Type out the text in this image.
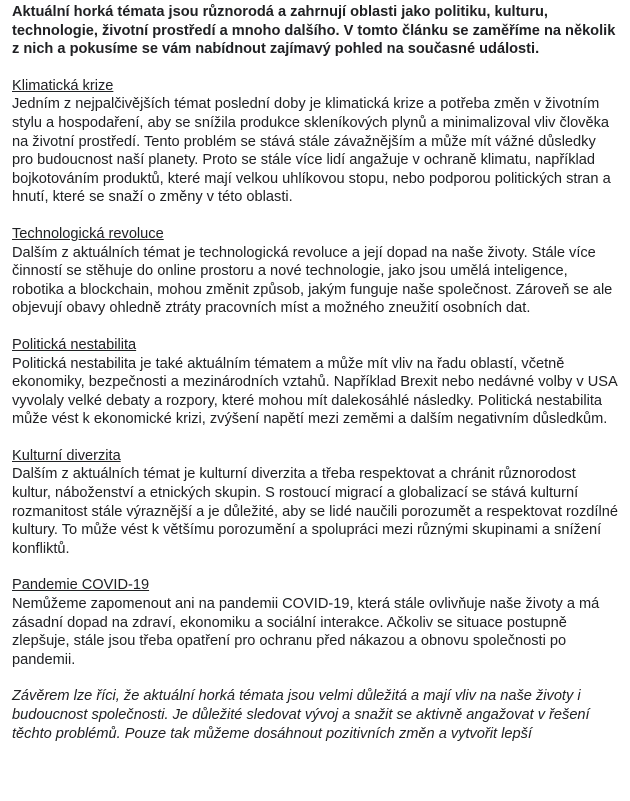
Aktuální horká témata jsou různorodá a zahrnují oblasti jako politiku, kulturu, technologie, životní prostředí a mnoho dalšího. V tomto článku se zaměříme na několik z nich a pokusíme se vám nabídnout zajímavý pohled na současné události.

Klimatická krize

Jedním z nejpalčivějších témat poslední doby je klimatická krize a potřeba změn v životním stylu a hospodaření, aby se snížila produkce skleníkových plynů a minimalizoval vliv člověka na životní prostředí. Tento problém se stává stále závažnějším a může mít vážné důsledky pro budoucnost naší planety. Proto se stále více lidí angažuje v ochraně klimatu, například bojkotováním produktů, které mají velkou uhlíkovou stopu, nebo podporou politických stran a hnutí, které se snaží o změny v této oblasti.

Technologická revoluce

Dalším z aktuálních témat je technologická revoluce a její dopad na naše životy. Stále více činností se stěhuje do online prostoru a nové technologie, jako jsou umělá inteligence, robotika a blockchain, mohou změnit způsob, jakým funguje naše společnost. Zároveň se ale objevují obavy ohledně ztráty pracovních míst a možného zneužití osobních dat.

Politická nestabilita

Politická nestabilita je také aktuálním tématem a může mít vliv na řadu oblastí, včetně ekonomiky, bezpečnosti a mezinárodních vztahů. Například Brexit nebo nedávné volby v USA vyvolaly velké debaty a rozpory, které mohou mít dalekosáhlé následky. Politická nestabilita může vést k ekonomické krizi, zvýšení napětí mezi zeměmi a dalším negativním důsledkům.

Kulturní diverzita

Dalším z aktuálních témat je kulturní diverzita a třeba respektovat a chránit různorodost kultur, náboženství a etnických skupin. S rostoucí migrací a globalizací se stává kulturní rozmanitost stále výraznější a je důležité, aby se lidé naučili porozumět a respektovat rozdílné kultury. To může vést k většímu porozumění a spolupráci mezi různými skupinami a snížení konfliktů.

Pandemie COVID-19

Nemůžeme zapomenout ani na pandemii COVID-19, která stále ovlivňuje naše životy a má zásadní dopad na zdraví, ekonomiku a sociální interakce. Ačkoliv se situace postupně zlepšuje, stále jsou třeba opatření pro ochranu před nákazou a obnovu společnosti po pandemii.

Závěrem lze říci, že aktuální horká témata jsou velmi důležitá a mají vliv na naše životy i budoucnost společnosti. Je důležité sledovat vývoj a snažit se aktivně angažovat v řešení těchto problémů. Pouze tak můžeme dosáhnout pozitivních změn a vytvořit lepší
